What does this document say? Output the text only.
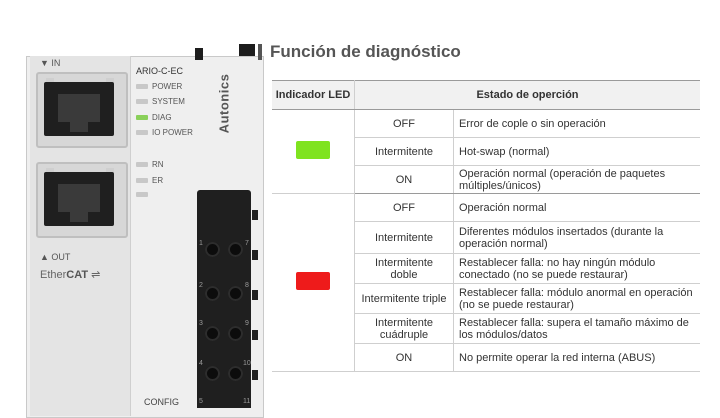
▼ IN
▲ OUT
ARIO-C-EC
POWER
SYSTEM
DIAG
IO POWER
RN
ER
Autonics
EtherCAT ⇌
CONFIG
1	7
2	8
3	9
4	10
5	11
Función de diagnóstico
Indicador LED	Estado de operción	
	OFF	Error de cople o sin operación
	Intermitente	Hot-swap (normal)
	ON	Operación normal (operación de paquetes múltiples/únicos)
	OFF	Operación normal
	Intermitente	Diferentes módulos insertados (durante la operación normal)
	Intermitente doble	Restablecer falla: no hay ningún módulo conectado (no se puede restaurar)
	Intermitente triple	Restablecer falla: módulo anormal en operación (no se puede restaurar)
	Intermitente cuádruple	Restablecer falla: supera el tamaño máximo de los módulos/datos
	ON	No permite operar la red interna (ABUS)
